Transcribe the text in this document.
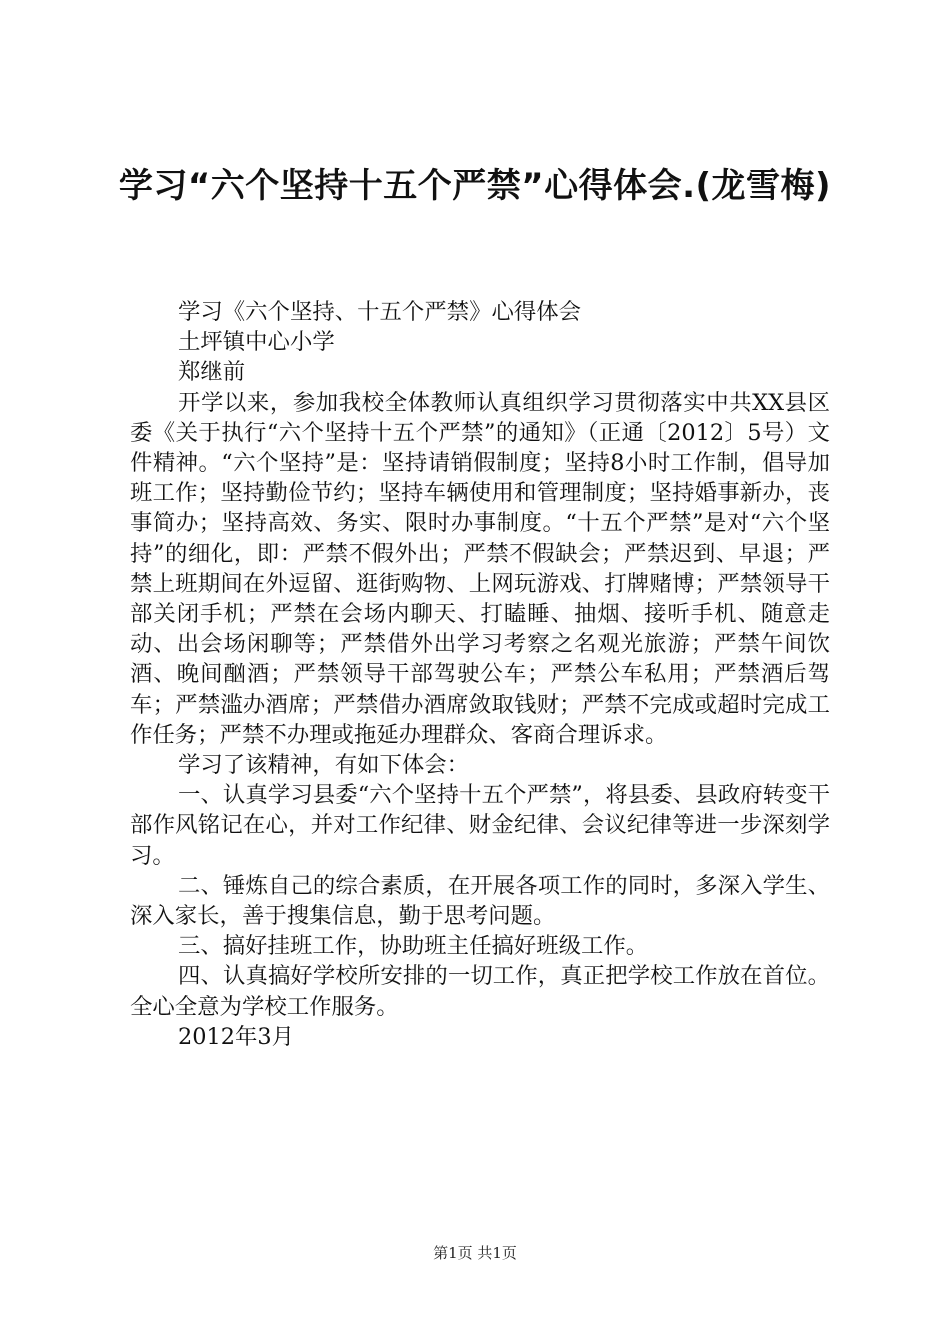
学习“六个坚持十五个严禁”心得体会.(龙雪梅)

学习《六个坚持、十五个严禁》心得体会

土坪镇中心小学

郑继前

开学以来，参加我校全体教师认真组织学习贯彻落实中共XX县区委《关于执行“六个坚持十五个严禁”的通知》（正通〔2012〕5号）文件精神。“六个坚持”是：坚持请销假制度；坚持8小时工作制，倡导加班工作；坚持勤俭节约；坚持车辆使用和管理制度；坚持婚事新办，丧事简办；坚持高效、务实、限时办事制度。“十五个严禁”是对“六个坚持”的细化，即：严禁不假外出；严禁不假缺会；严禁迟到、早退；严禁上班期间在外逗留、逛街购物、上网玩游戏、打牌赌博；严禁领导干部关闭手机；严禁在会场内聊天、打瞌睡、抽烟、接听手机、随意走动、出会场闲聊等；严禁借外出学习考察之名观光旅游；严禁午间饮酒、晚间酗酒；严禁领导干部驾驶公车；严禁公车私用；严禁酒后驾车；严禁滥办酒席；严禁借办酒席敛取钱财；严禁不完成或超时完成工作任务；严禁不办理或拖延办理群众、客商合理诉求。

学习了该精神，有如下体会：

一、认真学习县委“六个坚持十五个严禁”，将县委、县政府转变干部作风铭记在心，并对工作纪律、财金纪律、会议纪律等进一步深刻学习。

二、锤炼自己的综合素质，在开展各项工作的同时，多深入学生、深入家长，善于搜集信息，勤于思考问题。

三、搞好挂班工作，协助班主任搞好班级工作。

四、认真搞好学校所安排的一切工作，真正把学校工作放在首位。全心全意为学校工作服务。

2012年3月

第1页 共1页
